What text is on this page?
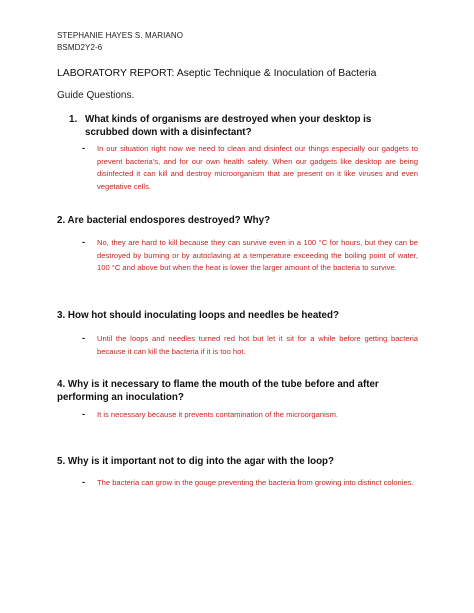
STEPHANIE HAYES S. MARIANO
BSMD2Y2-6
LABORATORY REPORT: Aseptic Technique & Inoculation of Bacteria
Guide Questions.
1. What kinds of organisms are destroyed when your desktop is scrubbed down with a disinfectant?
- In our situation right now we need to clean and disinfect our things especially our gadgets to prevent bacteria’s, and for our own health safety. When our gadgets like desktop are being disinfected it can kill and destroy microorganism that are present on it like viruses and even vegetative cells.
2. Are bacterial endospores destroyed? Why?
- No, they are hard to kill because they can survive even in a 100 °C for hours, but they can be destroyed by burning or by autoclaving at a temperature exceeding the boiling point of water, 100 °C and above but when the heat is lower the larger amount of the bacteria to survive.
3. How hot should inoculating loops and needles be heated?
- Until the loops and needles turned red hot but let it sit for a while before getting bacteria because it can kill the bacteria if it is too hot.
4. Why is it necessary to flame the mouth of the tube before and after performing an inoculation?
- It is necessary because it prevents contamination of the microorganism.
5. Why is it important not to dig into the agar with the loop?
- The bacteria can grow in the gouge preventing the bacteria from growing into distinct colonies.
